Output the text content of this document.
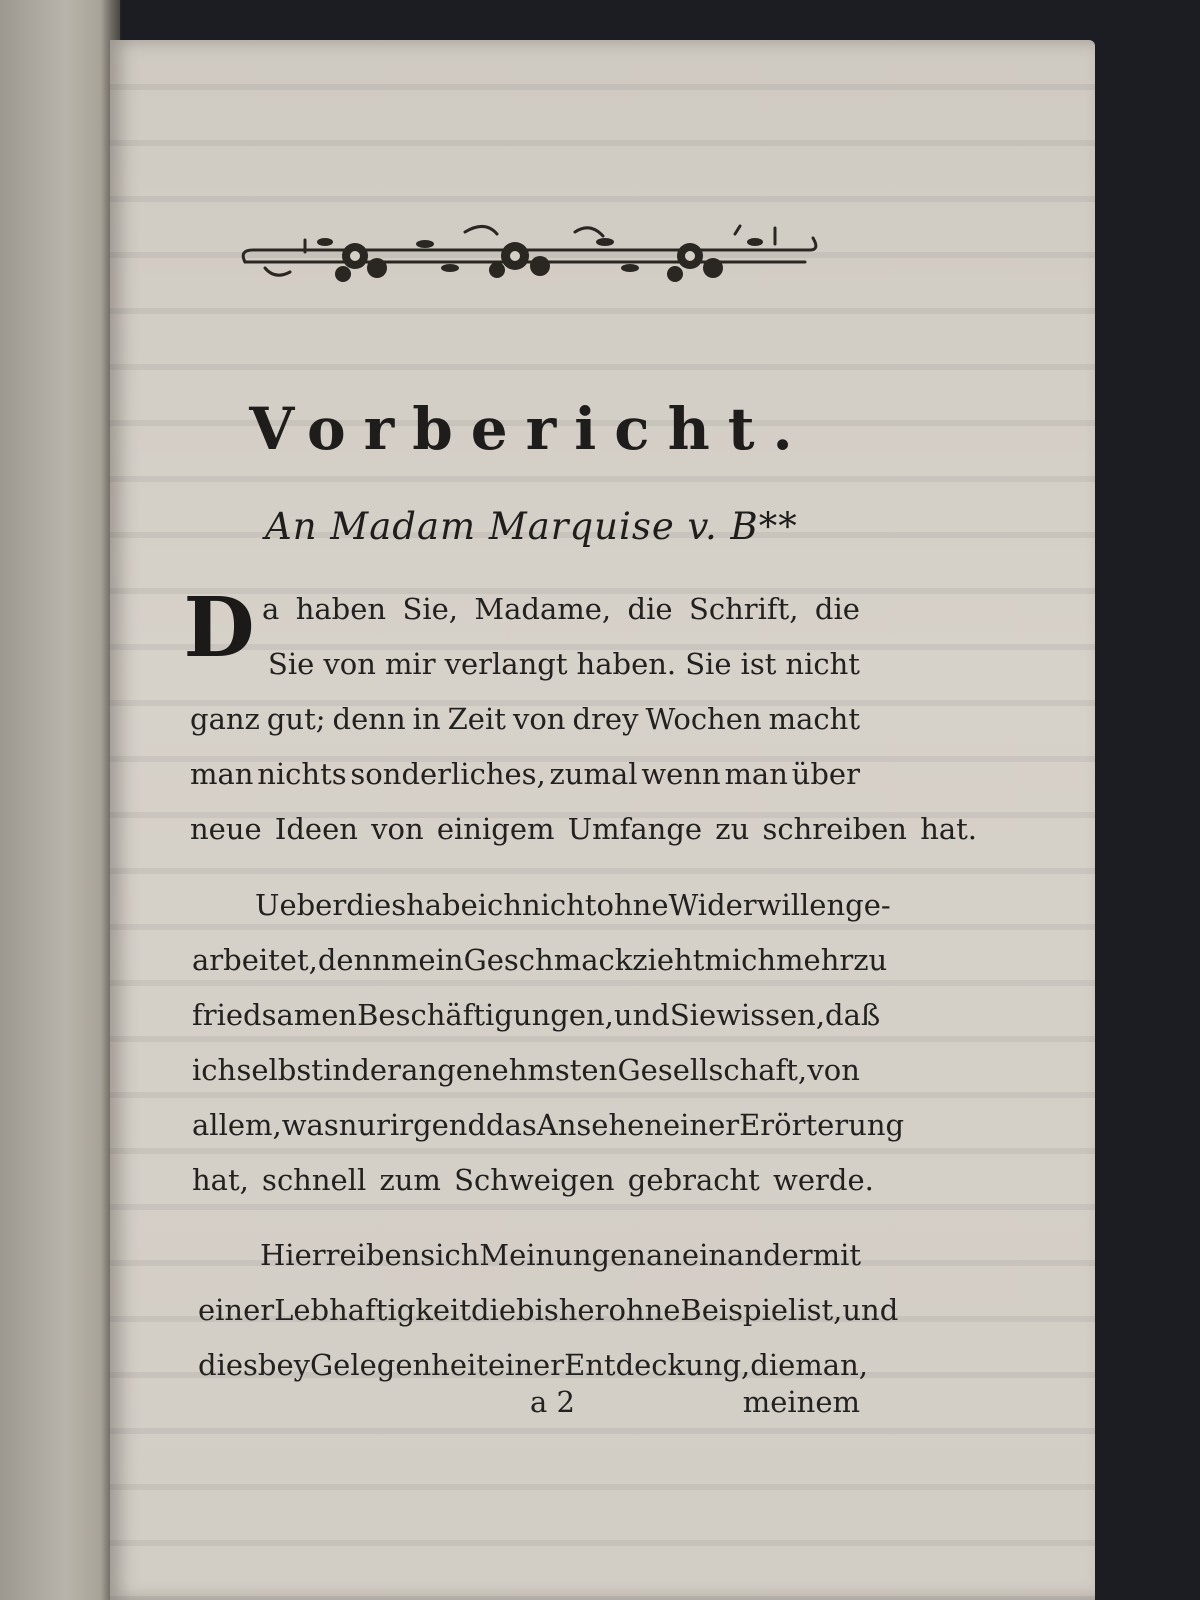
Vorbericht.

An Madam Marquise v. B**

D a haben Sie, Madame, die Schrift, die
Sie von mir verlangt haben. Sie ist nicht
ganz gut; denn in Zeit von drey Wochen macht
man nichts sonderliches, zumal wenn man über
neue Ideen von einigem Umfange zu schreiben hat.
Ueberdies habe ich nicht ohne Widerwillen ge-
arbeitet, denn mein Geschmack zieht mich mehr zu
friedsamen Beschäftigungen, und Sie wissen, daß
ich selbst in der angenehmsten Gesellschaft, von
allem, was nur irgend das Ansehen einer Erörterung
hat, schnell zum Schweigen gebracht werde.
Hier reiben sich Meinungen aneinander mit
einer Lebhaftigkeit die bisher ohne Beispiel ist, und
dies bey Gelegenheit einer Entdeckung, die man,
a 2	meinem
